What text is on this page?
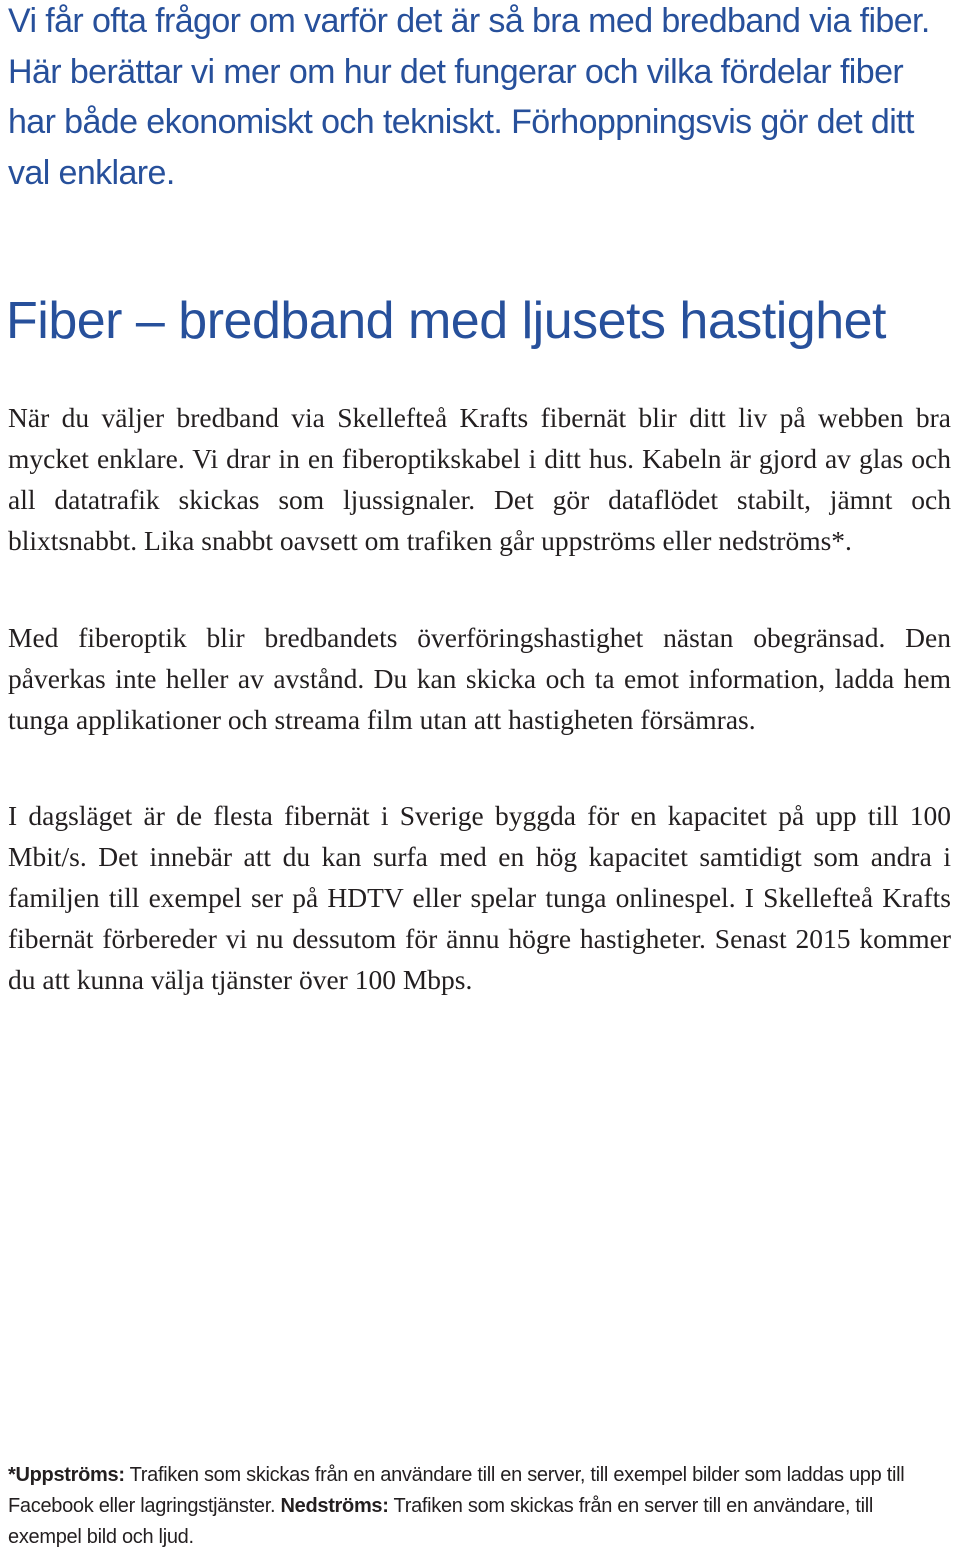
Vi får ofta frågor om varför det är så bra med bredband via fiber. Här berättar vi mer om hur det fungerar och vilka fördelar fiber har både ekonomiskt och tekniskt. Förhoppningsvis gör det ditt val enklare.

Fiber – bredband med ljusets hastighet

När du väljer bredband via Skellefteå Krafts fibernät blir ditt liv på webben bra mycket enklare. Vi drar in en fiberoptikskabel i ditt hus. Kabeln är gjord av glas och all datatrafik skickas som ljussignaler. Det gör dataflödet stabilt, jämnt och blixtsnabbt. Lika snabbt oavsett om trafiken går uppströms eller nedströms*.

Med fiberoptik blir bredbandets överföringshastighet nästan obegränsad. Den påverkas inte heller av avstånd. Du kan skicka och ta emot information, ladda hem tunga applikationer och streama film utan att hastigheten försämras.

I dagsläget är de flesta fibernät i Sverige byggda för en kapacitet på upp till 100 Mbit/s. Det innebär att du kan surfa med en hög kapacitet samtidigt som andra i familjen till exempel ser på HDTV eller spelar tunga onlinespel. I Skellefteå Krafts fibernät förbereder vi nu dessutom för ännu högre hastigheter. Senast 2015 kommer du att kunna välja tjänster över 100 Mbps.

*Uppströms: Trafiken som skickas från en användare till en server, till exempel bilder som laddas upp till Facebook eller lagringstjänster. Nedströms: Trafiken som skickas från en server till en användare, till exempel bild och ljud.
